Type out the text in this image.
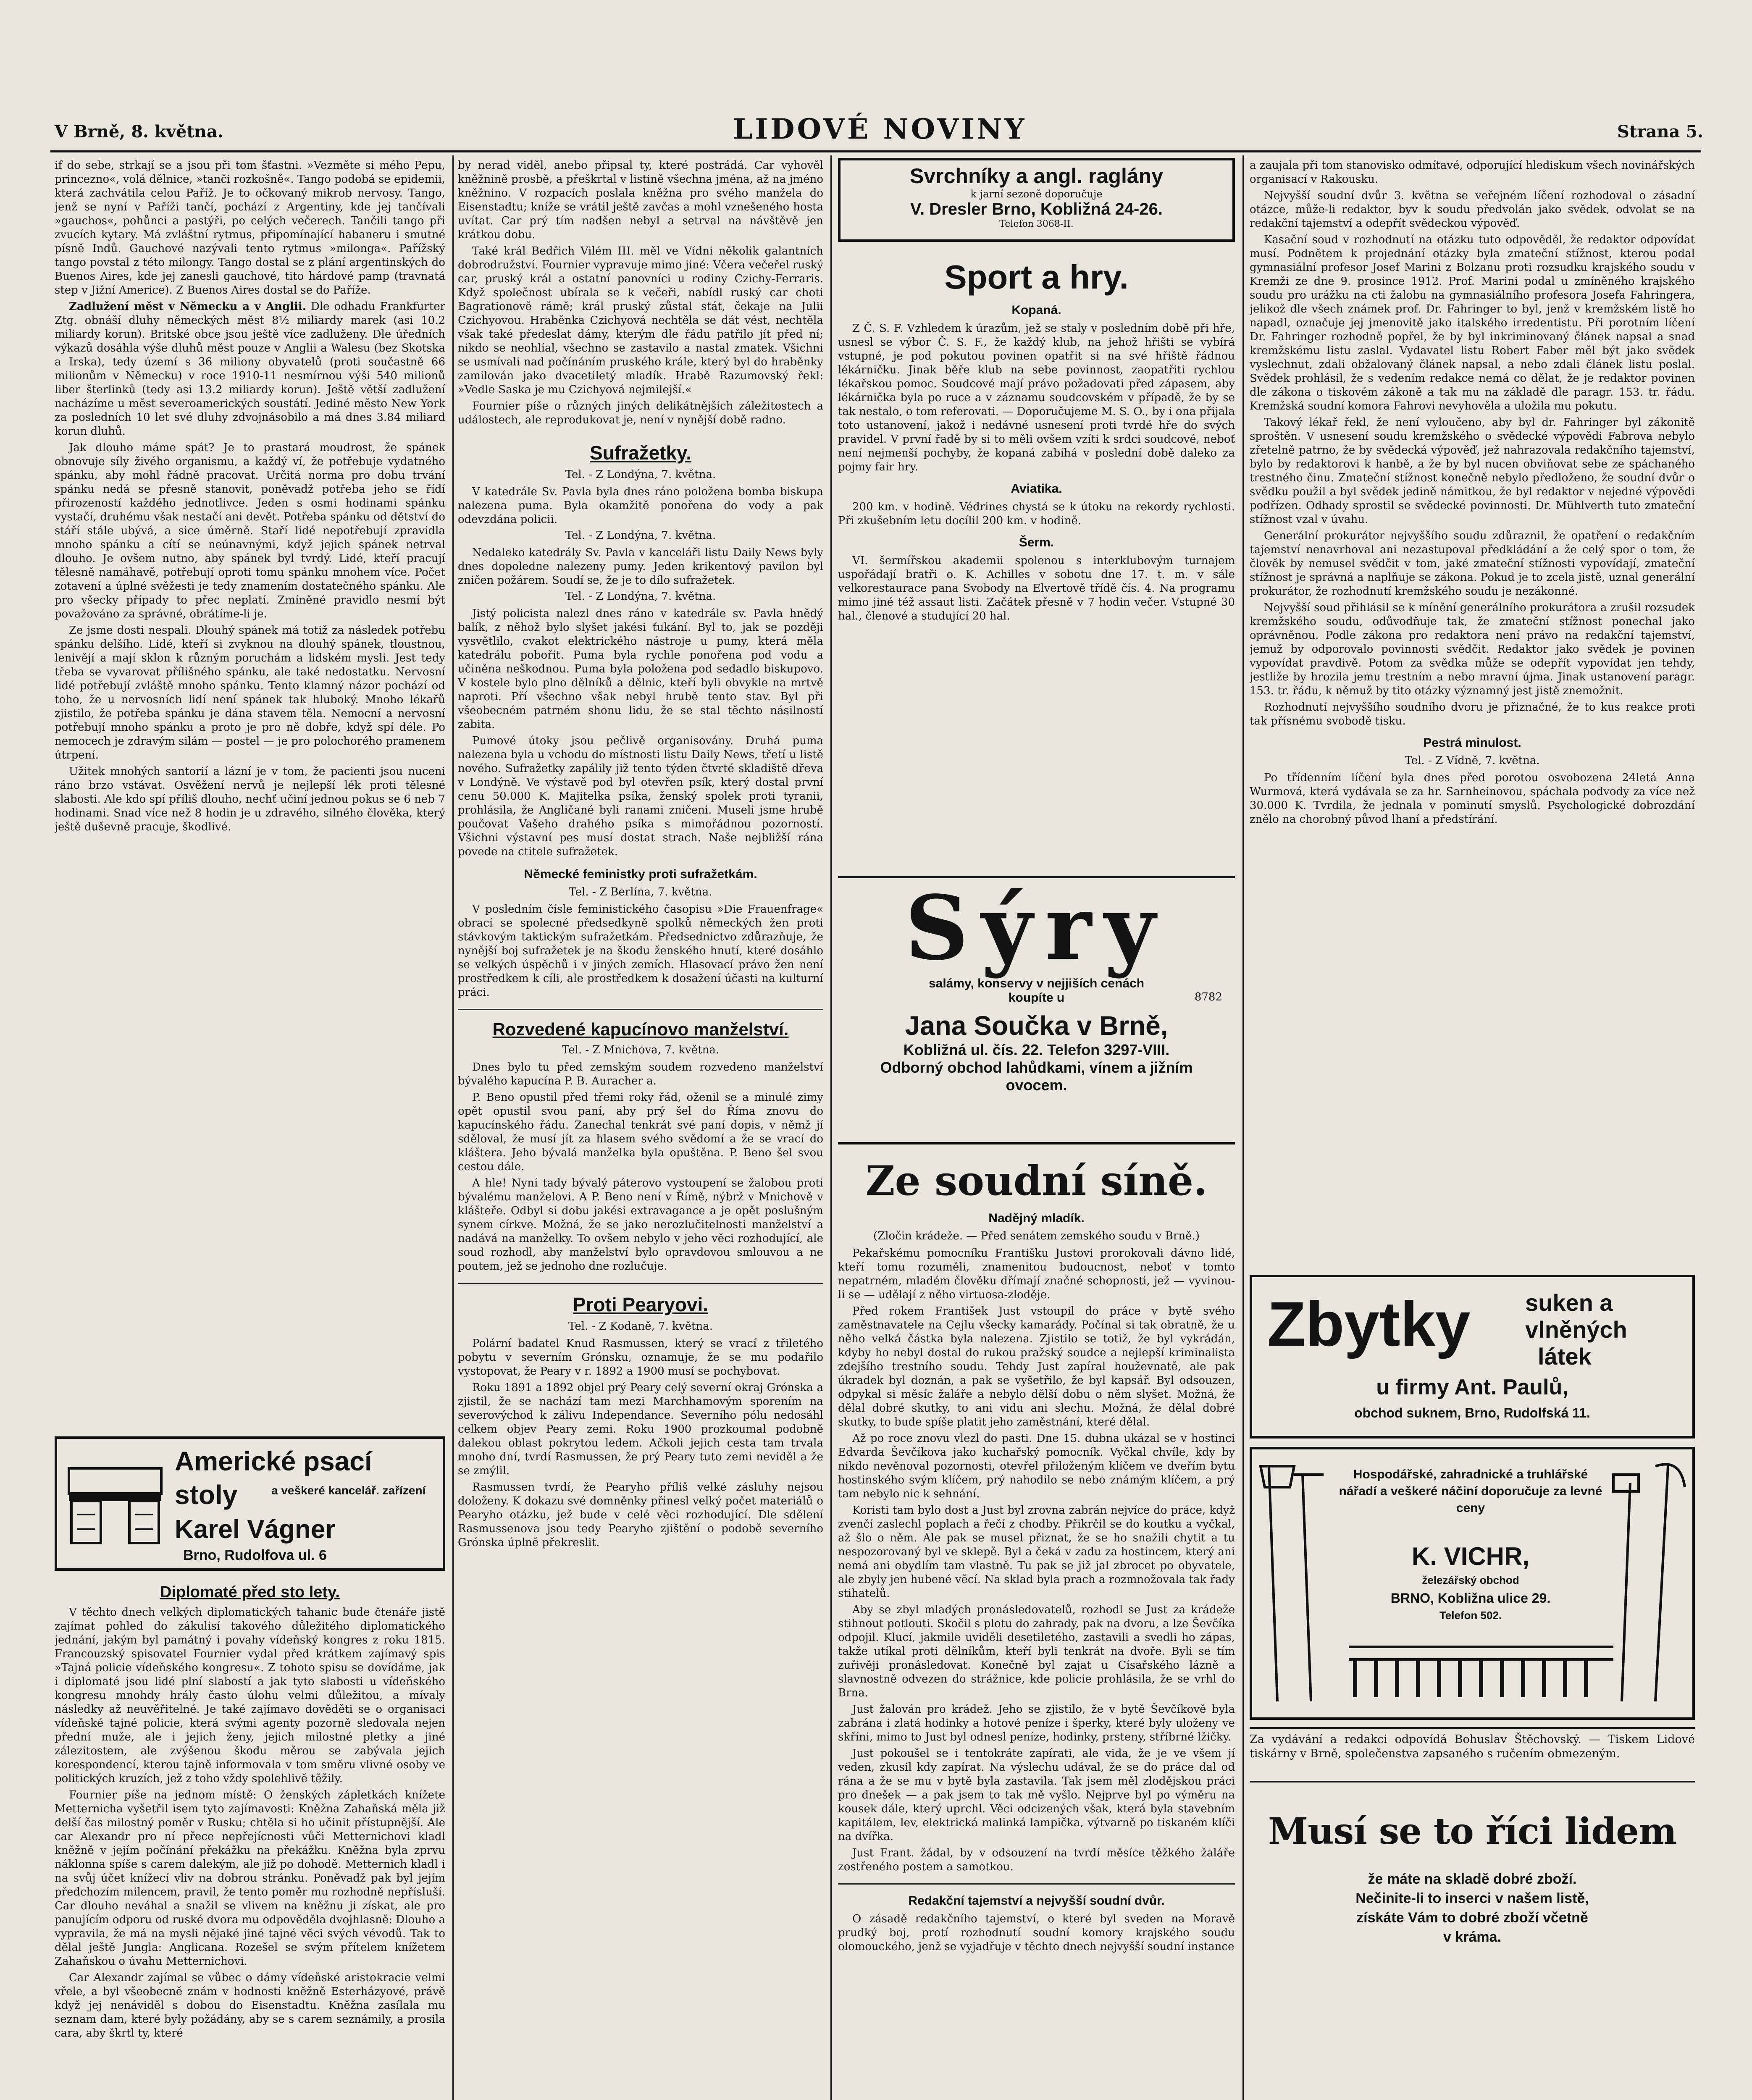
V Brně, 8. května.	LIDOVÉ NOVINY	Strana 5.

if do sebe, strkají se a jsou při tom šťastni. »Vezměte si mého Pepu, princezno«, volá dělnice, »tanči rozkošně«. Tango podobá se epidemii, která zachvátila celou Paříž. Je to očkovaný mikrob nervosy. Tango, jenž se nyní v Paříži tančí, pochází z Argentiny, kde jej tančívali »gauchos«, pohůnci a pastýři, po celých večerech. Tančili tango při zvucích kytary. Má zvláštní rytmus, připomínající habaneru i smutné písně Indů. Gauchové nazývali tento rytmus »milonga«. Pařížský tango povstal z této milongy. Tango dostal se z plání argentinských do Buenos Aires, kde jej zanesli gauchové, tito hárdové pamp (travnatá step v Jižní Americe). Z Buenos Aires dostal se do Paříže.

Zadlužení měst v Německu a v Anglii. Dle odhadu Frankfurter Ztg. obnáší dluhy německých měst 8½ miliardy marek (asi 10.2 miliardy korun). Britské obce jsou ještě více zadluženy. Dle úředních výkazů dosáhla výše dluhů měst pouze v Anglii a Walesu (bez Skotska a Irska), tedy území s 36 miliony obyvatelů (proti součastně 66 milionům v Německu) v roce 1910-11 nesmírnou výši 540 milionů liber šterlinků (tedy asi 13.2 miliardy korun). Ještě větší zadlužení nacházíme u měst severoamerických soustátí. Jediné město New York za posledních 10 let své dluhy zdvojnásobilo a má dnes 3.84 miliard korun dluhů.

Jak dlouho máme spát? Je to prastará moudrost, že spánek obnovuje síly živého organismu, a každý ví, že potřebuje vydatného spánku, aby mohl řádně pracovat. Určitá norma pro dobu trvání spánku nedá se přesně stanovit, poněvadž potřeba jeho se řídí přirozeností každého jednotlivce. Jeden s osmi hodinami spánku vystačí, druhému však nestačí ani devět. Potřeba spánku od dětství do stáří stále ubývá, a sice úměrně. Staří lidé nepotřebují zpravidla mnoho spánku a cítí se neúnavnými, když jejich spánek netrval dlouho. Je ovšem nutno, aby spánek byl tvrdý. Lidé, kteří pracují tělesně namáhavě, potřebují oproti tomu spánku mnohem více. Počet zotavení a úplné svěžesti je tedy znamením dostatečného spánku. Ale pro všecky případy to přec neplatí. Zmíněné pravidlo nesmí být považováno za správné, obrátíme-li je.

Ze jsme dosti nespali. Dlouhý spánek má totiž za následek potřebu spánku delšího. Lidé, kteří si zvyknou na dlouhý spánek, tloustnou, lenivějí a mají sklon k různým poruchám a lidském mysli. Jest tedy třeba se vyvarovat přílišného spánku, ale také nedostatku. Nervosní lidé potřebují zvláště mnoho spánku. Tento klamný názor pochází od toho, že u nervosních lidí není spánek tak hluboký. Mnoho lékařů zjistilo, že potřeba spánku je dána stavem těla. Nemocní a nervosní potřebují mnoho spánku a proto je pro ně dobře, když spí déle. Po nemocech je zdravým silám — postel — je pro polochorého pramenem útrpení.

Užitek mnohých santorií a lázní je v tom, že pacienti jsou nuceni ráno brzo vstávat. Osvěžení nervů je nejlepší lék proti tělesné slabosti. Ale kdo spí příliš dlouho, nechť učiní jednou pokus se 6 neb 7 hodinami. Snad více než 8 hodin je u zdravého, silného člověka, který ještě duševně pracuje, škodlivé.

Americké psací
stoly	a veškeré kancelář. zařízení
Karel Vágner
Brno, Rudolfova ul. 6
Diplomaté před sto lety.

V těchto dnech velkých diplomatických tahanic bude čtenáře jistě zajímat pohled do zákulisí takového důležitého diplomatického jednání, jakým byl památný i povahy vídeňský kongres z roku 1815. Francouzský spisovatel Fournier vydal před krátkem zajímavý spis »Tajná policie vídeňského kongresu«. Z tohoto spisu se dovídáme, jak i diplomaté jsou lidé plní slabostí a jak tyto slabosti u vídeňského kongresu mnohdy hrály často úlohu velmi důležitou, a mívaly následky až neuvěřitelné. Je také zajímavo dověděti se o organisaci vídeňské tajné policie, která svými agenty pozorně sledovala nejen přední muže, ale i jejich ženy, jejich milostné pletky a jiné zálezitostem, ale zvýšenou škodu měrou se zabývala jejich korespondencí, kterou tajně informovala v tom směru vlivné osoby ve politických kruzích, jež z toho vždy spolehlivě těžily.

Fournier píše na jednom místě: O ženských zápletkách knížete Metternicha vyšetřil isem tyto zajímavosti: Kněžna Zahaňská měla již delší čas milostný poměr v Rusku; chtěla si ho učinit přístupnější. Ale car Alexandr pro ní přece nepřejícnosti vůči Metternichovi kladl kněžně v jejím počínání překážku na překážku. Kněžna byla zprvu náklonna spíše s carem dalekým, ale již po dohodě. Metternich kladl i na svůj účet knížecí vliv na dobrou stránku. Poněvadž pak byl jejím předchozím milencem, pravil, že tento poměr mu rozhodně nepřísluší. Car dlouho neváhal a snažil se vlivem na kněžnu ji získat, ale pro panujícím odporu od ruské dvora mu odpověděla dvojhlasně: Dlouho a vypravila, že má na mysli nějaké jiné tajné věci svých vévodů. Tak to dělal ještě Jungla: Anglicana. Rozešel se svým přítelem knížetem Zahaňskou o úvahu Metternichovi.

Car Alexandr zajímal se vůbec o dámy vídeňské aristokracie velmi vřele, a byl všeobecně znám v hodnosti kněžně Esterházyové, právě když jej nenáviděl s dobou do Eisenstadtu. Kněžna zasílala mu seznam dam, které byly požádány, aby se s carem seznámily, a prosila cara, aby škrtl ty, které

by nerad viděl, anebo připsal ty, které postrádá. Car vyhověl kněžnině prosbě, a přeškrtal v listině všechna jména, až na jméno kněžnino. V rozpacích poslala kněžna pro svého manžela do Eisenstadtu; kníže se vrátil ještě zavčas a mohl vznešeného hosta uvítat. Car prý tím nadšen nebyl a setrval na návštěvě jen krátkou dobu.

Také král Bedřich Vilém III. měl ve Vídni několik galantních dobrodružství. Fournier vypravuje mimo jiné: Včera večeřel ruský car, pruský král a ostatní panovníci u rodiny Czichy-Ferraris. Když společnost ubírala se k večeři, nabídl ruský car choti Bagrationově rámě; král pruský zůstal stát, čekaje na Julii Czichyovou. Hraběnka Czichyová nechtěla se dát vést, nechtěla však také předeslat dámy, kterým dle řádu patřilo jít před ní; nikdo se neohlíal, všechno se zastavilo a nastal zmatek. Všichni se usmívali nad počínáním pruského krále, který byl do hraběnky zamilován jako dvacetiletý mladík. Hrabě Razumovský řekl: »Vedle Saska je mu Czichyová nejmilejší.«

Fournier píše o různých jiných delikátnějších záležitostech a událostech, ale reprodukovat je, není v nynější době radno.

Sufražetky.
Tel. - Z Londýna, 7. května.

V katedrále Sv. Pavla byla dnes ráno položena bomba biskupa nalezena puma. Byla okamžitě ponořena do vody a pak odevzdána policii.

Tel. - Z Londýna, 7. května.

Nedaleko katedrály Sv. Pavla v kanceláři listu Daily News byly dnes dopoledne nalezeny pumy. Jeden krikentový pavilon byl zničen požárem. Soudí se, že je to dílo sufražetek.

Tel. - Z Londýna, 7. května.

Jistý policista nalezl dnes ráno v katedrále sv. Pavla hnědý balík, z něhož bylo slyšet jakési ťukání. Byl to, jak se později vysvětlilo, cvakot elektrického nástroje u pumy, která měla katedrálu pobořit. Puma byla rychle ponořena pod vodu a učiněna neškodnou. Puma byla položena pod sedadlo biskupovo. V kostele bylo plno dělníků a dělnic, kteří byli obvykle na mrtvě naproti. Pří všechno však nebyl hrubě tento stav. Byl při všeobecném patrném shonu lidu, že se stal těchto násilností zabita.

Pumové útoky jsou pečlivě organisovány. Druhá puma nalezena byla u vchodu do místnosti listu Daily News, třetí u listě nového. Sufražetky zapálily již tento týden čtvrté skladiště dřeva v Londýně. Ve výstavě pod byl otevřen psík, který dostal první cenu 50.000 K. Majitelka psíka, ženský spolek proti tyranii, prohlásila, že Angličané byli ranami zničeni. Museli jsme hrubě poučovat Vašeho drahého psíka s mimořádnou pozorností. Všichni výstavní pes musí dostat strach. Naše nejbližší rána povede na ctitele sufražetek.

Německé feministky proti sufražetkám.
Tel. - Z Berlína, 7. května.

V posledním čísle feministického časopisu »Die Frauenfrage« obrací se spolecné předsedkyně spolků německých žen proti stávkovým taktickým sufražetkám. Předsednictvo zdůrazňuje, že nynější boj sufražetek je na škodu ženského hnutí, které dosáhlo se velkých úspěchů i v jiných zemích. Hlasovací právo žen není prostředkem k cíli, ale prostředkem k dosažení účasti na kulturní práci.

Rozvedené kapucínovo manželství.
Tel. - Z Mnichova, 7. května.

Dnes bylo tu před zemským soudem rozvedeno manželství bývalého kapucína P. B. Auracher a.

P. Beno opustil před třemi roky řád, oženil se a minulé zimy opět opustil svou paní, aby prý šel do Říma znovu do kapucínského řádu. Zanechal tenkrát své paní dopis, v němž jí sděloval, že musí jít za hlasem svého svědomí a že se vrací do kláštera. Jeho bývalá manželka byla opuštěna. P. Beno šel svou cestou dále.

A hle! Nyní tady bývalý páterovo vystoupení se žalobou proti bývalému manželovi. A P. Beno není v Římě, nýbrž v Mnichově v klášteře. Odbyl si dobu jakési extravagance a je opět poslušným synem církve. Možná, že se jako nerozlučitelnosti manželství a nadává na manželky. To ovšem nebylo v jeho věci rozhodující, ale soud rozhodl, aby manželství bylo opravdovou smlouvou a ne poutem, jež se jednoho dne rozlučuje.

Proti Pearyovi.
Tel. - Z Kodaně, 7. května.

Polární badatel Knud Rasmussen, který se vrací z třiletého pobytu v severním Grónsku, oznamuje, že se mu podařilo vystopovat, že Peary v r. 1892 a 1900 musí se pochybovat.

Roku 1891 a 1892 objel prý Peary celý severní okraj Grónska a zjistil, že se nachází tam mezi Marchhamovým sporením na severovýchod k zálivu Independance. Severního pólu nedosáhl celkem objev Peary zemi. Roku 1900 prozkoumal podobně dalekou oblast pokrytou ledem. Ačkoli jejich cesta tam trvala mnoho dní, tvrdí Rasmussen, že prý Peary tuto zemi neviděl a že se zmýlil.

Rasmussen tvrdí, že Pearyho příliš velké zásluhy nejsou doloženy. K dokazu své domněnky přinesl velký počet materiálů o Pearyho otázku, jež bude v celé věci rozhodující. Dle sdělení Rasmussenova jsou tedy Pearyho zjištění o podobě severního Grónska úplně překreslit.

Svrchníky a angl. raglány
k jarní sezoně doporučuje
V. Dresler Brno, Kobližná 24-26.
Telefon 3068-II.
Sport a hry.
Kopaná.

Z Č. S. F. Vzhledem k úrazům, jež se staly v posledním době při hře, usnesl se výbor Č. S. F., že každý klub, na jehož hřišti se vybírá vstupné, je pod pokutou povinen opatřit si na své hřiště řádnou lékárničku. Jinak běře klub na sebe povinnost, zaopatřiti rychlou lékařskou pomoc. Soudcové mají právo požadovati před zápasem, aby lékárnička byla po ruce a v záznamu soudcovském v případě, že by se tak nestalo, o tom referovati. — Doporučujeme M. S. O., by i ona přijala toto ustanovení, jakož i nedávné usnesení proti tvrdé hře do svých pravidel. V první řadě by si to měli ovšem vzíti k srdci soudcové, neboť není nejmenší pochyby, že kopaná zabíhá v poslední době daleko za pojmy fair hry.

Aviatika.

200 km. v hodině. Védrines chystá se k útoku na rekordy rychlosti. Při zkušebním letu docílil 200 km. v hodině.

Šerm.

VI. šermířskou akademii spolenou s interklubovým turnajem uspořádají bratři o. K. Achilles v sobotu dne 17. t. m. v sále velkorestaurace pana Svobody na Elvertově třídě čís. 4. Na programu mimo jiné též assaut listi. Začátek přesně v 7 hodin večer. Vstupné 30 hal., členové a studující 20 hal.

Sýry
salámy, konservy v nejjiších cenách
koupíte u	8782
Jana Součka v Brně,
Kobližná ul. čís. 22. Telefon 3297-VIII.
Odborný obchod lahůdkami, vínem a jižním ovocem.
Ze soudní síně.
Nadějný mladík.
(Zločin krádeže. — Před senátem zemského soudu v Brně.)

Pekařskému pomocníku Františku Justovi prorokovali dávno lidé, kteří tomu rozuměli, znamenitou budoucnost, neboť v tomto nepatrném, mladém člověku dřímají značné schopnosti, jež — vyvinou-li se — udělají z něho virtuosa-zloděje.

Před rokem František Just vstoupil do práce v bytě svého zaměstnavatele na Cejlu všecky kamarády. Počínal si tak obratně, že u něho velká částka byla nalezena. Zjistilo se totiž, že byl vykrádán, kdyby ho nebyl dostal do rukou pražský soudce a nejlepší kriminalista zdejšího trestního soudu. Tehdy Just zapíral houževnatě, ale pak úkradek byl doznán, a pak se vyšetřilo, že byl kapsář. Byl odsouzen, odpykal si měsíc žaláře a nebylo dělší dobu o něm slyšet. Možná, že dělal dobré skutky, to ani vidu ani slechu. Možná, že dělal dobré skutky, to bude spíše platit jeho zaměstnání, které dělal.

Až po roce znovu vlezl do pasti. Dne 15. dubna ukázal se v hostinci Edvarda Ševčíkova jako kuchařský pomocník. Vyčkal chvíle, kdy by nikdo nevěnoval pozornosti, otevřel přiloženým klíčem ve dveřím bytu hostinského svým klíčem, prý nahodilo se nebo známým klíčem, a prý tam nebylo nic k sehnání.

Koristi tam bylo dost a Just byl zrovna zabrán nejvíce do práce, když zvenčí zaslechl poplach a řečí z chodby. Přikrčil se do koutku a vyčkal, až šlo o něm. Ale pak se musel přiznat, že se ho snažili chytit a tu nespozorovaný byl ve sklepě. Byl a čeká v zadu za hostincem, který ani nemá ani obydlím tam vlastně. Tu pak se již jal zbrocet po obyvatele, ale zbyly jen hubené věcí. Na sklad byla prach a rozmnožovala tak řady stihatelů.

Aby se zbyl mladých pronásledovatelů, rozhodl se Just za krádeže stihnout potlouti. Skočil s plotu do zahrady, pak na dvoru, a lze Ševčíka odpojil. Klucí, jakmile uviděli desetiletého, zastavili a svedli ho zápas, takže utíkal proti dělníkům, kteří byli tenkrát na dvoře. Byli se tím zuřivěji pronásledovat. Konečně byl zajat u Císařského lázně a slavnostně odvezen do strážnice, kde policie prohlásila, že se vrhl do Brna.

Just žalován pro krádež. Jeho se zjistilo, že v bytě Ševčíkově byla zabrána i zlatá hodinky a hotové peníze i šperky, které byly uloženy ve skříni, mimo to Just byl odnesl peníze, hodinky, prsteny, stříbrné lžičky.

Just pokoušel se i tentokráte zapírati, ale vida, že je ve všem jí veden, zkusil kdy zapírat. Na výslechu udával, že se do práce dal od rána a že se mu v bytě byla zastavila. Tak jsem měl zlodějskou práci pro dnešek — a pak jsem to tak mě vyšlo. Nejprve byl po výměru na kousek dále, který uprchl. Věci odcizených však, která byla stavebním kapitálem, lev, elektrická malinká lampička, výtvarně po tiskaném klíči na dvířka.

Just Frant. žádal, by v odsouzení na tvrdí měsíce těžkého žaláře zostřeného postem a samotkou.

Redakční tajemství a nejvyšší soudní dvůr.

O zásadě redakčního tajemství, o které byl sveden na Moravě prudký boj, protí rozhodnutí soudní komory krajského soudu olomouckého, jenž se vyjadřuje v těchto dnech nejvyšší soudní instance

a zaujala při tom stanovisko odmítavé, odporující hlediskum všech novinářských organisací v Rakousku.

Nejvyšší soudní dvůr 3. května se veřejném líčení rozhodoval o zásadní otázce, může-li redaktor, byv k soudu předvolán jako svědek, odvolat se na redakční tajemství a odepřít svědeckou výpověď.

Kasační soud v rozhodnutí na otázku tuto odpověděl, že redaktor odpovídat musí. Podnětem k projednání otázky byla zmateční stížnost, kterou podal gymnasiální profesor Josef Marini z Bolzanu proti rozsudku krajského soudu v Kremži ze dne 9. prosince 1912. Prof. Marini podal u zmíněného krajského soudu pro urážku na cti žalobu na gymnasiálního profesora Josefa Fahringera, jelikož dle všech známek prof. Dr. Fahringer to byl, jenž v kremžském listě ho napadl, označuje jej jmenovitě jako italského irredentistu. Při porotním líčení Dr. Fahringer rozhodně popřel, že by byl inkriminovaný článek napsal a snad kremžskému listu zaslal. Vydavatel listu Robert Faber měl být jako svědek vyslechnut, zdali obžalovaný článek napsal, a nebo zdali článek listu poslal. Svědek prohlásil, že s vedením redakce nemá co dělat, že je redaktor povinen dle zákona o tiskovém zákoně a tak mu na základě dle paragr. 153. tr. řádu. Kremžská soudní komora Fahrovi nevyhověla a uložila mu pokutu.

Takový lékař řekl, že není vyloučeno, aby byl dr. Fahringer byl zákonitě sproštěn. V usnesení soudu kremžského o svědecké výpovědi Fabrova nebylo zřetelně patrno, že by svědecká výpověď, jež nahrazovala redakčního tajemství, bylo by redaktorovi k hanbě, a že by byl nucen obviňovat sebe ze spáchaného trestného činu. Zmateční stížnost konečně nebylo předloženo, že soudní dvůr o svědku použil a byl svědek jedině námitkou, že byl redaktor v nejedné výpovědi podřízen. Odhady sprostil se svědecké povinnosti. Dr. Mühlverth tuto zmateční stížnost vzal v úvahu.

Generální prokurátor nejvyššího soudu zdůraznil, že opatření o redakčním tajemství nenavrhoval ani nezastupoval předkládání a že celý spor o tom, že člověk by nemusel svědčit v tom, jaké zmateční stížnosti vypovídají, zmateční stížnost je správná a naplňuje se zákona. Pokud je to zcela jistě, uznal generální prokurátor, že rozhodnutí kremžského soudu je nezákonné.

Nejvyšší soud přihlásil se k mínění generálního prokurátora a zrušil rozsudek kremžského soudu, odůvodňuje tak, že zmateční stížnost ponechal jako oprávněnou. Podle zákona pro redaktora není právo na redakční tajemství, jemuž by odporovalo povinnosti svědčit. Redaktor jako svědek je povinen vypovídat pravdivě. Potom za svědka může se odepřít vypovídat jen tehdy, jestliže by hrozila jemu trestním a nebo mravní újma. Jinak ustanovení paragr. 153. tr. řádu, k němuž by tito otázky významný jest jistě znemožnit.

Rozhodnutí nejvyššího soudního dvoru je přiznačné, že to kus reakce proti tak přísnému svobodě tisku.

Pestrá minulost.
Tel. - Z Vídně, 7. května.

Po třídenním líčení byla dnes před porotou osvobozena 24letá Anna Wurmová, která vydávala se za hr. Sarnheinovou, spáchala podvody za více než 30.000 K. Tvrdila, že jednala v pominutí smyslů. Psychologické dobrozdání znělo na chorobný původ lhaní a předstírání.

Zbytky suken a
vlněných
látek
u firmy Ant. Paulů,
obchod suknem, Brno, Rudolfská 11.
Hospodářské, zahradnické a truhlářské nářadí a veškeré náčiní doporučuje za levné ceny
K. VICHR,
železářský obchod
BRNO, Kobližna ulice 29.
Telefon 502.
Za vydávání a redakci odpovídá Bohuslav Štěchovský. — Tiskem Lidové tiskárny v Brně, společenstva zapsaného s ručením obmezeným.
Musí se to říci lidem
že máte na skladě dobré zboží. Nečinite-li to inserci v našem listě, získáte Vám to dobré zboží včetně v kráma.
